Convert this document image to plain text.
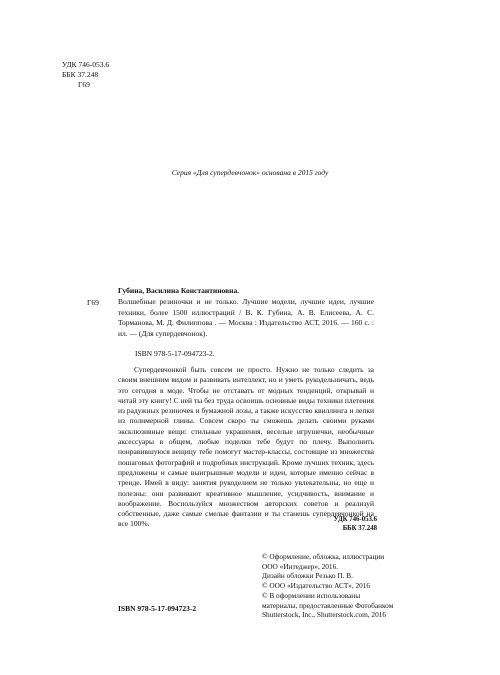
УДК 746-053.6
ББК 37.248
Г69
Серия «Для супердевчонок» основана в 2015 году
Губина, Василина Константиновна.
Г69	Волшебные резиночки и не только. Лучшие модели, лучшие идеи, лучшие техники, более 1500 иллюстраций / В. К. Губина, А. В. Елисеева, А. С. Торманова, М. Д. Филиппова . — Москва : Издательство АСТ, 2016. — 160 с. : ил. — (Для супердевчонок).
ISBN 978-5-17-094723-2.
Супердевчонкой быть совсем не просто. Нужно не только следить за своим внешним видом и развивать интеллект, но и уметь рукодельничать, ведь это сегодня в моде. Чтобы не отставать от модных тенденций, открывай и читай эту книгу! С ней ты без труда освоишь основные виды техники плетения из радужных резиночек и бумажной лозы, а также искусство квиллинга и лепки из полимерной глины. Совсем скоро ты сможешь делать своими руками эксклюзивные вещи: стильные украшения, веселые игрушечки, необычные аксессуары в общем, любые поделки тебе будут по плечу. Выполнить понравившуюся вещицу тебе помогут мастер-классы, состоящие из множества пошаговых фотографий и подробных инструкций. Кроме лучших техник, здесь предложены и самые выигрышные модели и идеи, которые именно сейчас в тренде. Имей в виду: занятия рукоделием не только увлекательны, но еще и полезны: они развивают креативное мышление, усидчивость, внимание и воображение. Воспользуйся множеством авторских советов и реализуй собственные, даже самые смелые фантазии и ты станешь супердевчонкой на все 100%.	УДК 746-053.6
ББК 37.248
© Оформление, обложка, иллюстрации
ООО «Интеджер», 2016.
Дизайн обложки Резько П. В.
© ООО «Издательство АСТ», 2016
© В оформлении использованы
материалы, предоставленные Фотобанком
Shutterstock, Inc., Shutterstock.com, 2016
ISBN 978-5-17-094723-2
